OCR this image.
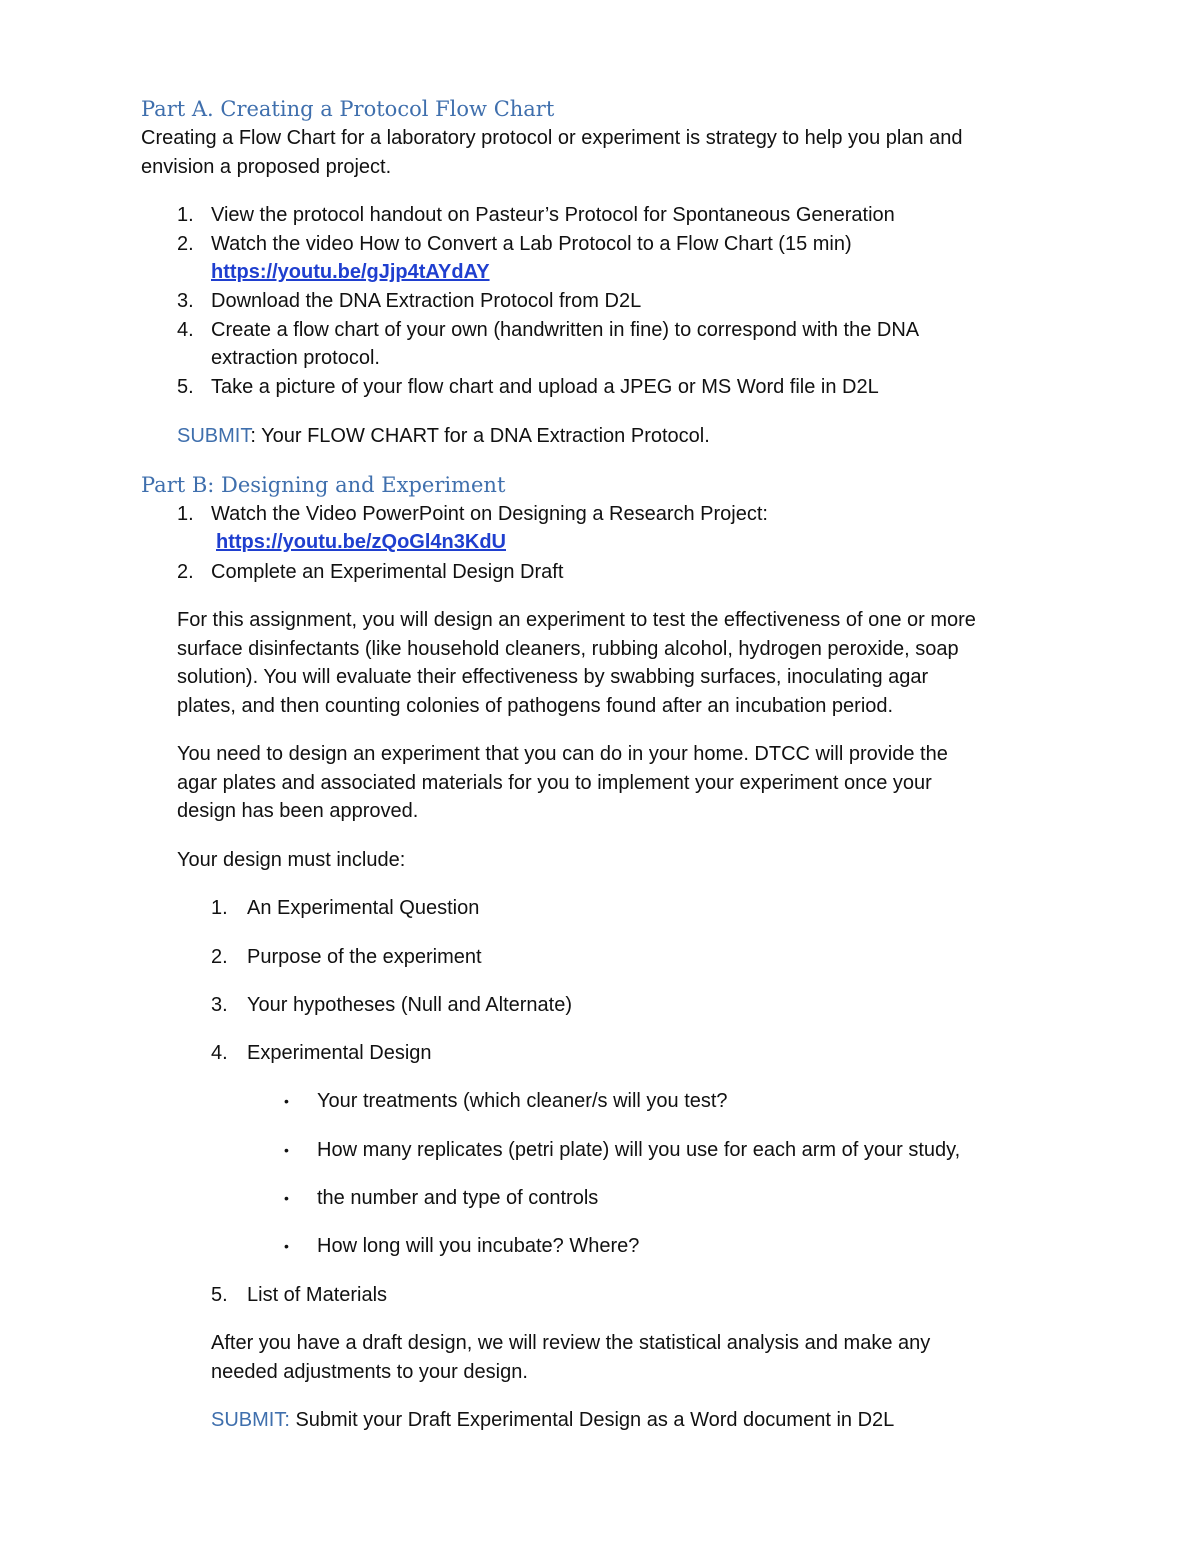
Part A. Creating a Protocol Flow Chart
Creating a Flow Chart for a laboratory protocol or experiment is strategy to help you plan and
envision a proposed project.
1. View the protocol handout on Pasteur’s Protocol for Spontaneous Generation
2. Watch the video How to Convert a Lab Protocol to a Flow Chart (15 min)
https://youtu.be/gJjp4tAYdAY
3. Download the DNA Extraction Protocol from D2L
4. Create a flow chart of your own (handwritten in fine) to correspond with the DNA
extraction protocol.
5. Take a picture of your flow chart and upload a JPEG or MS Word file in D2L
SUBMIT: Your FLOW CHART for a DNA Extraction Protocol.
Part B: Designing and Experiment
1. Watch the Video PowerPoint on Designing a Research Project:
https://youtu.be/zQoGl4n3KdU
2. Complete an Experimental Design Draft
For this assignment, you will design an experiment to test the effectiveness of one or more
surface disinfectants (like household cleaners, rubbing alcohol, hydrogen peroxide, soap
solution). You will evaluate their effectiveness by swabbing surfaces, inoculating agar
plates, and then counting colonies of pathogens found after an incubation period.
You need to design an experiment that you can do in your home. DTCC will provide the
agar plates and associated materials for you to implement your experiment once your
design has been approved.
Your design must include:
1. An Experimental Question
2. Purpose of the experiment
3. Your hypotheses (Null and Alternate)
4. Experimental Design
• Your treatments (which cleaner/s will you test?
• How many replicates (petri plate) will you use for each arm of your study,
• the number and type of controls
• How long will you incubate? Where?
5. List of Materials
After you have a draft design, we will review the statistical analysis and make any
needed adjustments to your design.
SUBMIT: Submit your Draft Experimental Design as a Word document in D2L
